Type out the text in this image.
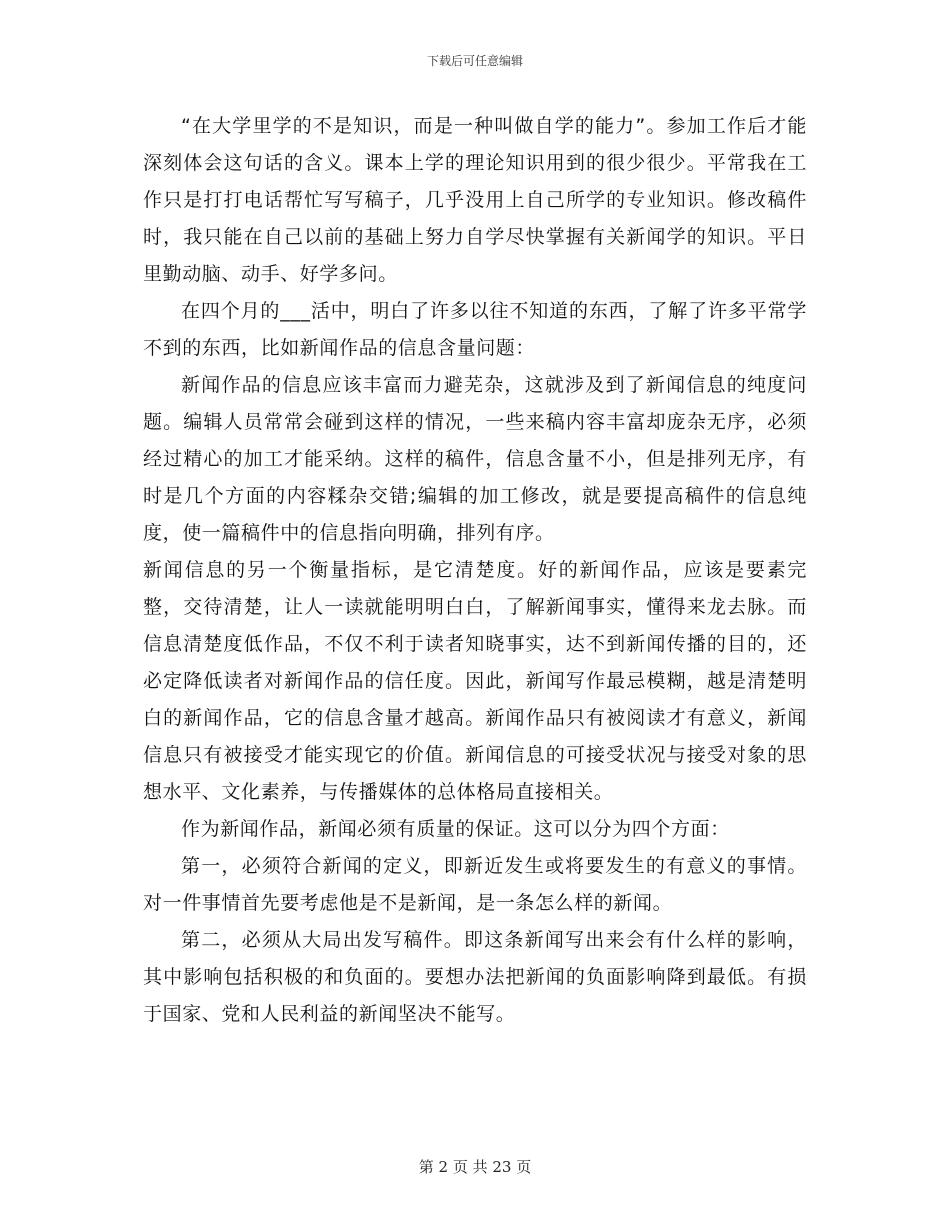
下载后可任意编辑

“在大学里学的不是知识，而是一种叫做自学的能力”。参加工作后才能深刻体会这句话的含义。课本上学的理论知识用到的很少很少。平常我在工作只是打打电话帮忙写写稿子，几乎没用上自己所学的专业知识。修改稿件时，我只能在自己以前的基础上努力自学尽快掌握有关新闻学的知识。平日里勤动脑、动手、好学多问。

在四个月的___活中，明白了许多以往不知道的东西，了解了许多平常学不到的东西，比如新闻作品的信息含量问题：

新闻作品的信息应该丰富而力避芜杂，这就涉及到了新闻信息的纯度问题。编辑人员常常会碰到这样的情况，一些来稿内容丰富却庞杂无序，必须经过精心的加工才能采纳。这样的稿件，信息含量不小，但是排列无序，有时是几个方面的内容糅杂交错;编辑的加工修改，就是要提高稿件的信息纯度，使一篇稿件中的信息指向明确，排列有序。

新闻信息的另一个衡量指标，是它清楚度。好的新闻作品，应该是要素完整，交待清楚，让人一读就能明明白白，了解新闻事实，懂得来龙去脉。而信息清楚度低作品，不仅不利于读者知晓事实，达不到新闻传播的目的，还必定降低读者对新闻作品的信任度。因此，新闻写作最忌模糊，越是清楚明白的新闻作品，它的信息含量才越高。新闻作品只有被阅读才有意义，新闻信息只有被接受才能实现它的价值。新闻信息的可接受状况与接受对象的思想水平、文化素养，与传播媒体的总体格局直接相关。

作为新闻作品，新闻必须有质量的保证。这可以分为四个方面：

第一，必须符合新闻的定义，即新近发生或将要发生的有意义的事情。对一件事情首先要考虑他是不是新闻，是一条怎么样的新闻。

第二，必须从大局出发写稿件。即这条新闻写出来会有什么样的影响，其中影响包括积极的和负面的。要想办法把新闻的负面影响降到最低。有损于国家、党和人民利益的新闻坚决不能写。

第 2 页 共 23 页
